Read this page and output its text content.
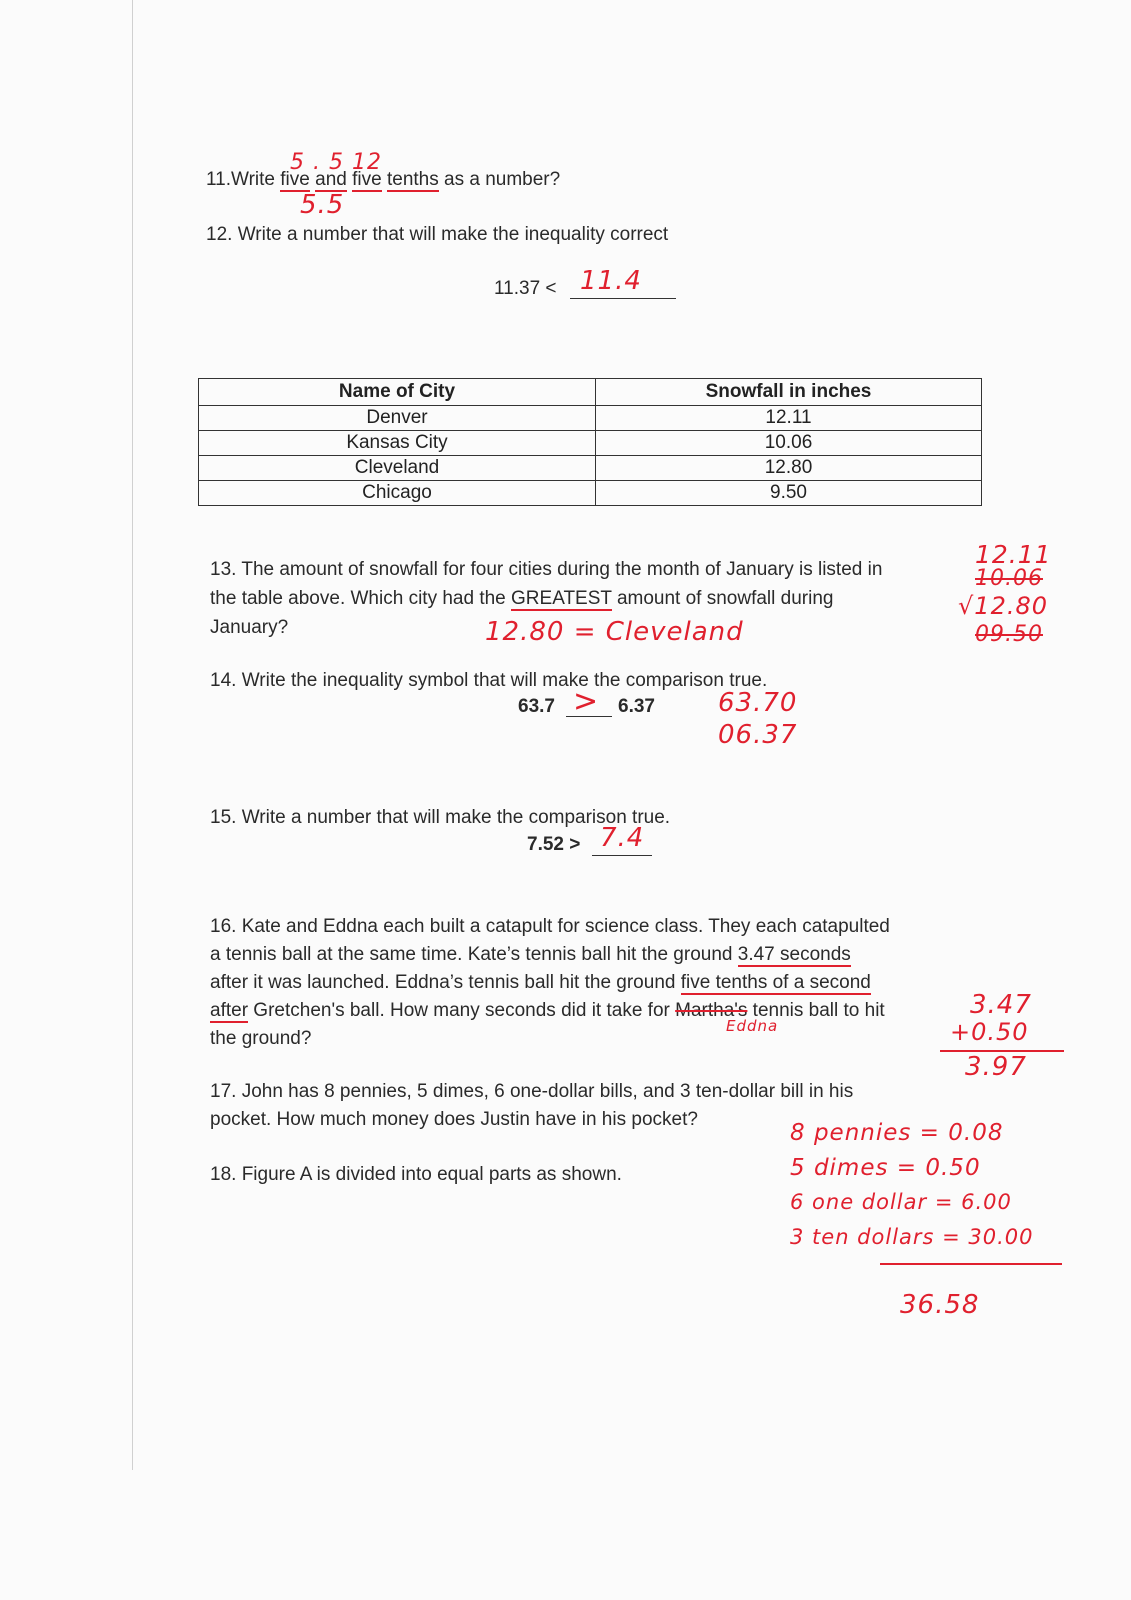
5 . 5 12
11.Write five and five tenths as a number?
5.5
12. Write a number that will make the inequality correct
11.37 < 11.4
Name of City	Snowfall in inches
Denver	12.11
Kansas City	10.06
Cleveland	12.80
Chicago	9.50
13. The amount of snowfall for four cities during the month of January is listed in
the table above. Which city had the GREATEST amount of snowfall during
January?	12.80 = Cleveland
12.11
10.06
√12.80
09.50
14. Write the inequality symbol that will make the comparison true.
63.7 > 6.37 63.70
06.37
15. Write a number that will make the comparison true.
7.52 > 7.4
16. Kate and Eddna each built a catapult for science class. They each catapulted
a tennis ball at the same time. Kate’s tennis ball hit the ground 3.47 seconds
after it was launched. Eddna’s tennis ball hit the ground five tenths of a second
after Gretchen's ball. How many seconds did it take for Martha's tennis ball to hit
Eddna
the ground?
3.47
+0.50
3.97
17. John has 8 pennies, 5 dimes, 6 one-dollar bills, and 3 ten-dollar bill in his
pocket. How much money does Justin have in his pocket?
8 pennies = 0.08
5 dimes = 0.50
6 one dollar = 6.00
3 ten dollars = 30.00
36.58
18. Figure A is divided into equal parts as shown.
